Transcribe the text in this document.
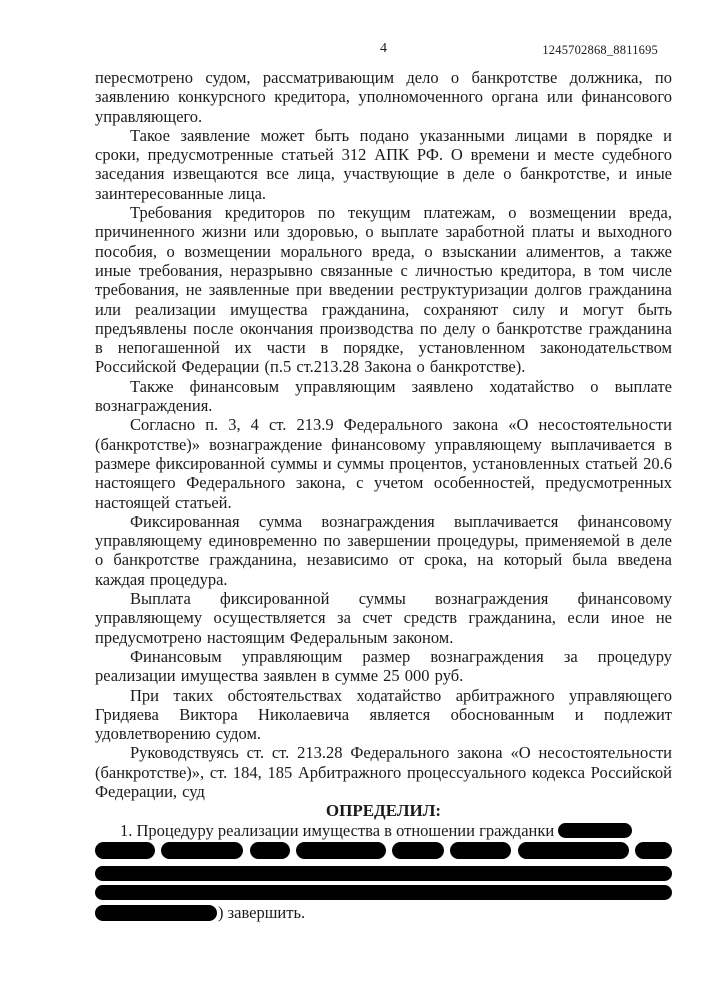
4	1245702868_8811695

пересмотрено судом, рассматривающим дело о банкротстве должника, по заявлению конкурсного кредитора, уполномоченного органа или финансового управляющего.

Такое заявление может быть подано указанными лицами в порядке и сроки, предусмотренные статьей 312 АПК РФ. О времени и месте судебного заседания извещаются все лица, участвующие в деле о банкротстве, и иные заинтересованные лица.

Требования кредиторов по текущим платежам, о возмещении вреда, причиненного жизни или здоровью, о выплате заработной платы и выходного пособия, о возмещении морального вреда, о взыскании алиментов, а также иные требования, неразрывно связанные с личностью кредитора, в том числе требования, не заявленные при введении реструктуризации долгов гражданина или реализации имущества гражданина, сохраняют силу и могут быть предъявлены после окончания производства по делу о банкротстве гражданина в непогашенной их части в порядке, установленном законодательством Российской Федерации (п.5 ст.213.28 Закона о банкротстве).

Также финансовым управляющим заявлено ходатайство о выплате вознаграждения.

Согласно п. 3, 4 ст. 213.9 Федерального закона «О несостоятельности (банкротстве)» вознаграждение финансовому управляющему выплачивается в размере фиксированной суммы и суммы процентов, установленных статьей 20.6 настоящего Федерального закона, с учетом особенностей, предусмотренных настоящей статьей.

Фиксированная сумма вознаграждения выплачивается финансовому управляющему единовременно по завершении процедуры, применяемой в деле о банкротстве гражданина, независимо от срока, на который была введена каждая процедура.

Выплата фиксированной суммы вознаграждения финансовому управляющему осуществляется за счет средств гражданина, если иное не предусмотрено настоящим Федеральным законом.

Финансовым управляющим размер вознаграждения за процедуру реализации имущества заявлен в сумме 25 000 руб.

При таких обстоятельствах ходатайство арбитражного управляющего Гридяева Виктора Николаевича является обоснованным и подлежит удовлетворению судом.

Руководствуясь ст. ст. 213.28 Федерального закона «О несостоятельности (банкротстве)», ст. 184, 185 Арбитражного процессуального кодекса Российской Федерации, суд

ОПРЕДЕЛИЛ:

1. Процедуру реализации имущества в отношении гражданки

) завершить.
